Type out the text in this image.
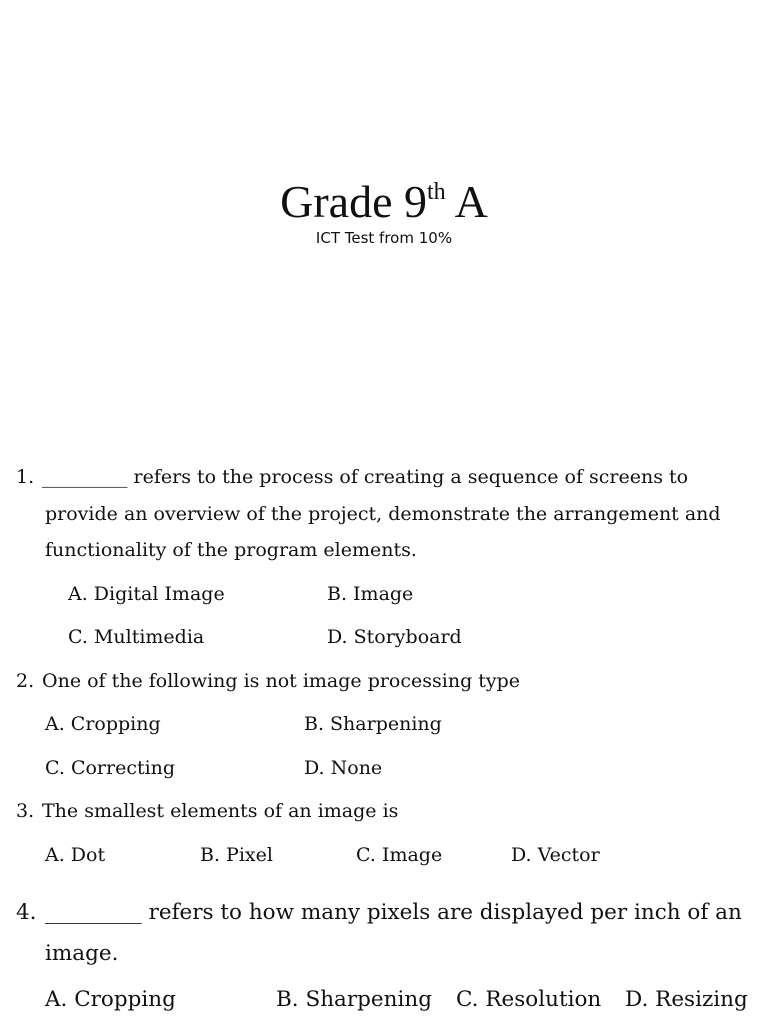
Grade 9th A
ICT Test from 10%
1. _________ refers to the process of creating a sequence of screens to
provide an overview of the project, demonstrate the arrangement and
functionality of the program elements.
A. Digital Image	B. Image
C. Multimedia	D. Storyboard
2. One of the following is not image processing type
A. Cropping	B. Sharpening
C. Correcting	D. None
3. The smallest elements of an image is
A. Dot	B. Pixel	C. Image	D. Vector
4. _________ refers to how many pixels are displayed per inch of an
image.
A. Cropping	B. Sharpening C. Resolution D. Resizing
